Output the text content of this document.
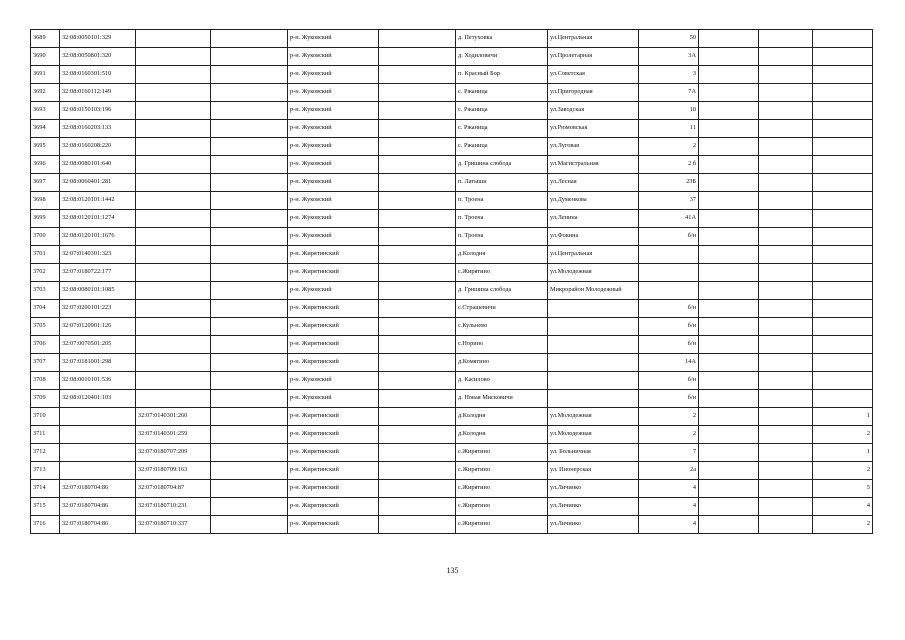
3689	32:08:0050101:329			р-н. Жуковский		д. Петуховка	ул.Центральная	50			
3690	32:08:0050801:320			р-н. Жуковский		д. Ходиловичи	ул.Пролетарная	3А			
3691	32:08:0160301:510			р-н. Жуковский		п. Красный Бор	ул.Советская	3			
3692	32:08:0160112:149			р-н. Жуковский		с. Ржаница	ул.Пригородная	7А			
3693	32:08:0150103:196			р-н. Жуковский		с. Ржаница	ул.Заводская	18			
3694	32:08:0160203:133			р-н. Жуковский		с. Ржаница	ул.Рюмовская	11			
3695	32:08:0160208:220			р-н. Жуковский		с. Ржаница	ул.Луговая	2			
3696	32:08:0080101:640			р-н. Жуковский		д. Гришина слобода	ул.Магистральная	2 б			
3697	32:08:0060401:281			р-н. Жуковский		п. Латыши	ул.Лесная	23Б			
3698	32:08:0120101:1442			р-н. Жуковский		п. Троена	ул.Думенкова	37			
3699	32:08:0120101:1274			р-н. Жуковский		п. Троена	ул.Ленина	41А			
3700	32:08:0120101:1676			р-н. Жуковский		п. Троена	ул.Фокина	б/н			
3701	32:07:0140301:323			р-н. Жирятинский		д.Колодня	ул.Центральная				
3702	32:07:0180722:177			р-н. Жирятинский		с.Жирятино	ул.Молодежная				
3703	32:08:0080101:1085			р-н. Жуковский		д. Гришина слобода	Микрорайон Молодежный				
3704	32:07:0200101:223			р-н. Жирятинский		с.Страшевичи		б/н			
3705	32:07:0120901:126			р-н. Жирятинский		с.Кульнево		б/н			
3706	32:07:0070501:205			р-н. Жирятинский		с.Норино		б/н			
3707	32:07:0181001:298			р-н. Жирятинский		д.Комягино		14А			
3708	32:08:0010101:536			р-н. Жуковский		д. Касилово		б/н			
3709	32:08:0120401:103			р-н. Жуковский		д. Новая Мисковичи		б/н			
3710		32:07:0140301:260		р-н. Жирятинский		д.Колодня	ул.Молодежная	2			1
3711		32:07:0140301:259		р-н. Жирятинский		д.Колодня	ул.Молодежная	2			2
3712		32:07:0180707:209		р-н. Жирятинский		с.Жирятино	ул. Больничная	7			1
3713		32:07:0180709:163		р-н. Жирятинский		с.Жирятино	ул. Пионерская	2а			2
3714	32:07:0180704:86	32:07:0180704:87		р-н. Жирятинский		с.Жирятино	ул.Личинко	4			5
3715	32:07:0180704:86	32:07:0180710:231		р-н. Жирятинский		с.Жирятино	ул.Личинко	4			4
3716	32:07:0180704:86	32:07:0180710:337		р-н. Жирятинский		с.Жирятино	ул.Личинко	4			2
135
